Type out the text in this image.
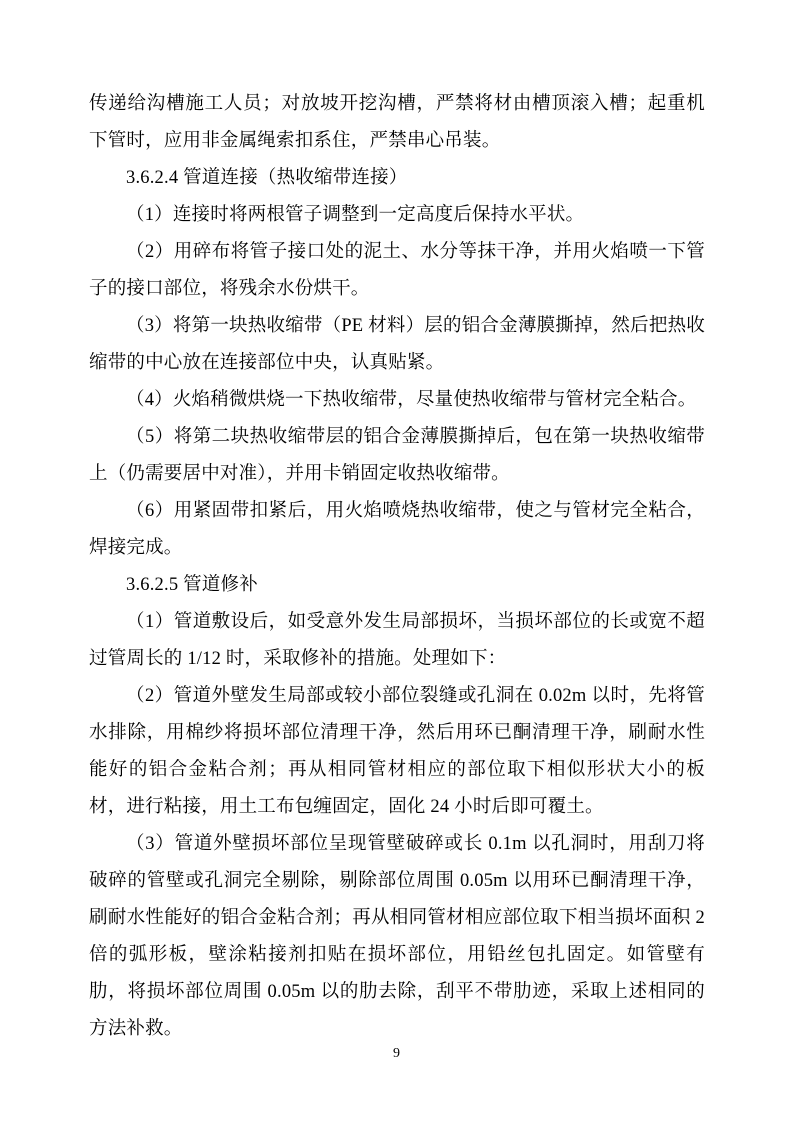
传递给沟槽施工人员；对放坡开挖沟槽，严禁将材由槽顶滚入槽；起重机下管时，应用非金属绳索扣系住，严禁串心吊装。

3.6.2.4 管道连接（热收缩带连接）

（1）连接时将两根管子调整到一定高度后保持水平状。

（2）用碎布将管子接口处的泥土、水分等抹干净，并用火焰喷一下管子的接口部位，将残余水份烘干。

（3）将第一块热收缩带（PE 材料）层的铝合金薄膜撕掉，然后把热收缩带的中心放在连接部位中央，认真贴紧。

（4）火焰稍微烘烧一下热收缩带，尽量使热收缩带与管材完全粘合。

（5）将第二块热收缩带层的铝合金薄膜撕掉后，包在第一块热收缩带上（仍需要居中对准），并用卡销固定收热收缩带。

（6）用紧固带扣紧后，用火焰喷烧热收缩带，使之与管材完全粘合，焊接完成。

3.6.2.5 管道修补

（1）管道敷设后，如受意外发生局部损坏，当损坏部位的长或宽不超过管周长的 1/12 时，采取修补的措施。处理如下：

（2）管道外壁发生局部或较小部位裂缝或孔洞在 0.02m 以时，先将管水排除，用棉纱将损坏部位清理干净，然后用环已酮清理干净，刷耐水性能好的铝合金粘合剂；再从相同管材相应的部位取下相似形状大小的板材，进行粘接，用土工布包缠固定，固化 24 小时后即可覆土。

（3）管道外壁损坏部位呈现管壁破碎或长 0.1m 以孔洞时，用刮刀将破碎的管壁或孔洞完全剔除，剔除部位周围 0.05m 以用环已酮清理干净，刷耐水性能好的铝合金粘合剂；再从相同管材相应部位取下相当损坏面积 2 倍的弧形板，壁涂粘接剂扣贴在损坏部位，用铅丝包扎固定。如管壁有肋，将损坏部位周围 0.05m 以的肋去除，刮平不带肋迹，采取上述相同的方法补救。

9
